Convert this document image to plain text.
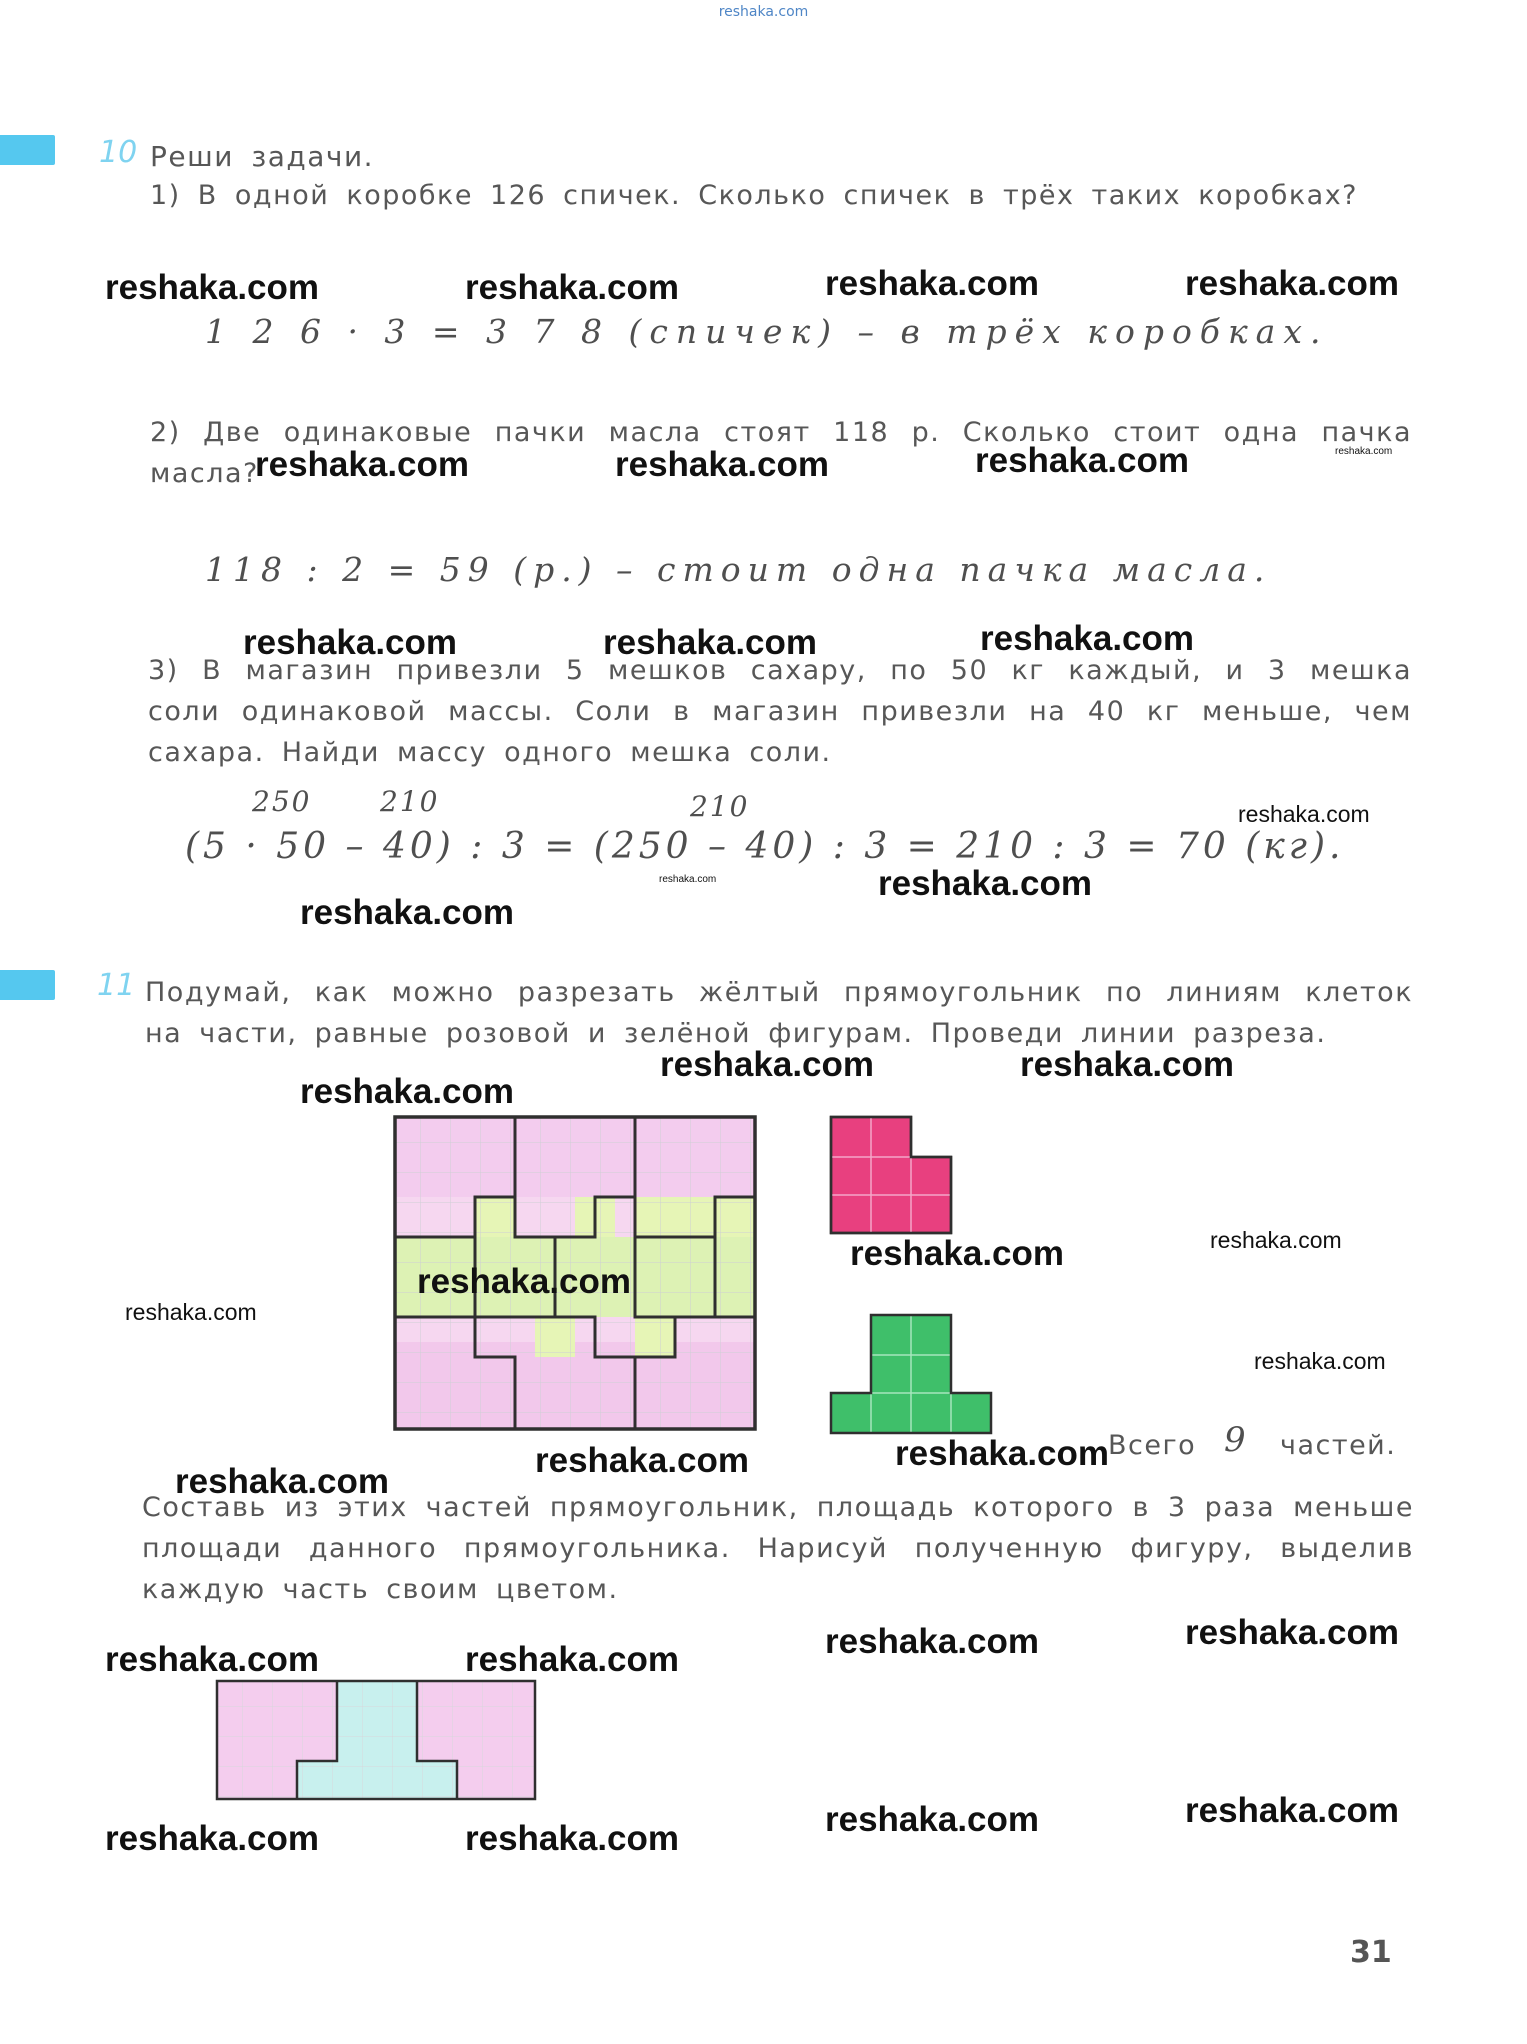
reshaka.com
10 Реши задачи.
1) В одной коробке 126 спичек. Сколько спичек в трёх таких коробках?
1 2 6 · 3 = 3 7 8 (спичек) – в трёх коробках.
2) Две одинаковые пачки масла стоят 118 р. Сколько стоит одна пачка масла?
118 : 2 = 59 (р.) – стоит одна пачка масла.
3) В магазин привезли 5 мешков сахару, по 50 кг каждый, и 3 мешка соли одинаковой массы. Соли в магазин привезли на 40 кг меньше, чем сахара. Найди массу одного мешка соли.
250 210	210
(5 · 50 – 40) : 3 = (250 – 40) : 3 = 210 : 3 = 70 (кг).
11 Подумай, как можно разрезать жёлтый прямоугольник по линиям клеток на части, равные розовой и зелёной фигурам. Проведи линии разреза.
Всего 9 частей.
Составь из этих частей прямоугольник, площадь которого в 3 раза меньше площади данного прямоугольника. Нарисуй полученную фигуру, выделив каждую часть своим цветом.
31
reshaka.com	reshaka.com	reshaka.com	reshaka.com
reshaka.com	reshaka.com	reshaka.com	reshaka.com
reshaka.com	reshaka.com	reshaka.com
reshaka.com
reshaka.com	reshaka.com
reshaka.com
reshaka.com	reshaka.com
reshaka.com
reshaka.com	reshaka.com
reshaka.com
reshaka.com
reshaka.com
reshaka.com
reshaka.com
reshaka.com
reshaka.com	reshaka.com	reshaka.com	reshaka.com
reshaka.com	reshaka.com	reshaka.com	reshaka.com
